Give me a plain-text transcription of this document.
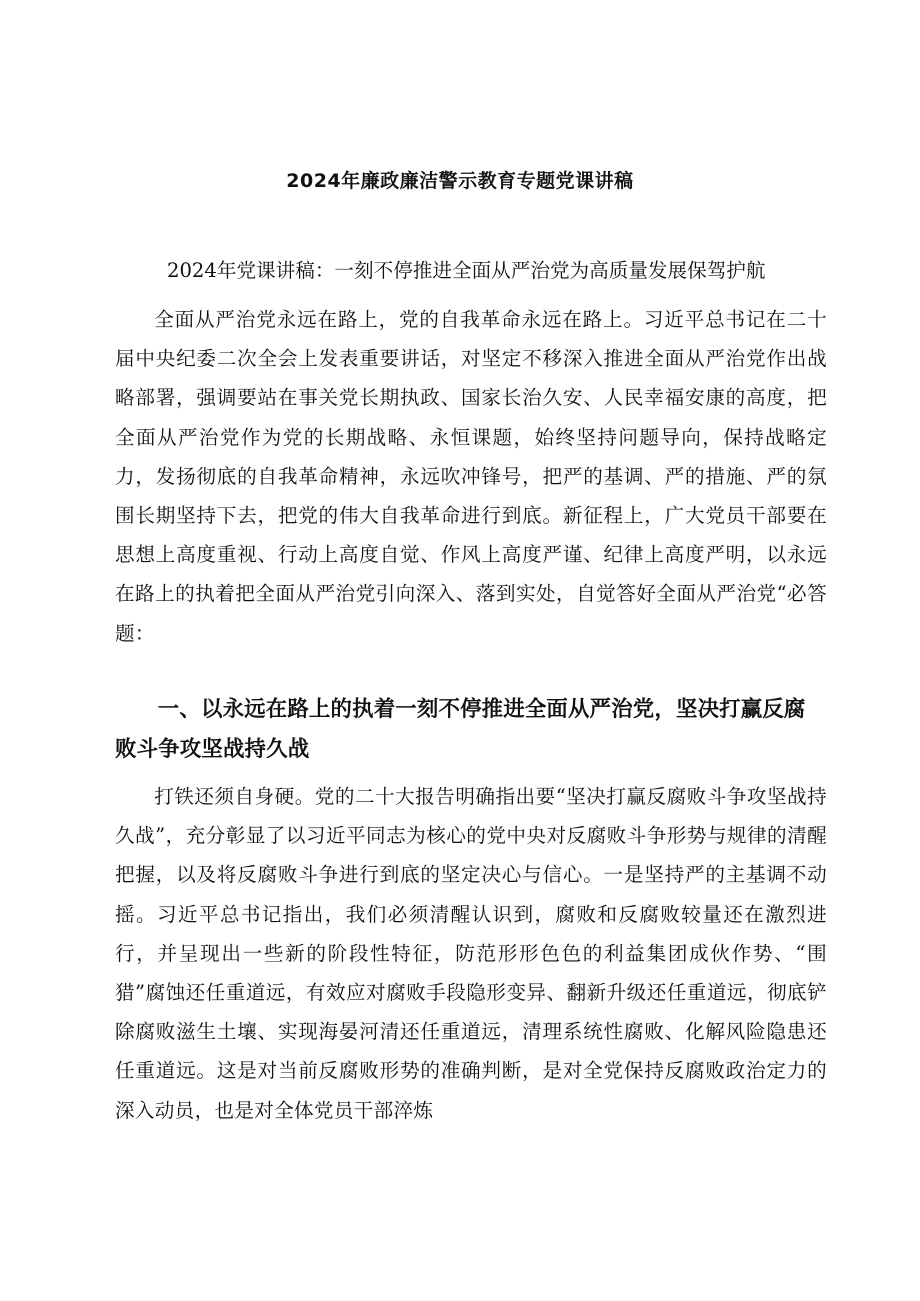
2024年廉政廉洁警示教育专题党课讲稿
2024年党课讲稿：一刻不停推进全面从严治党为高质量发展保驾护航

全面从严治党永远在路上，党的自我革命永远在路上。习近平总书记在二十届中央纪委二次全会上发表重要讲话，对坚定不移深入推进全面从严治党作出战略部署，强调要站在事关党长期执政、国家长治久安、人民幸福安康的高度，把全面从严治党作为党的长期战略、永恒课题，始终坚持问题导向，保持战略定力，发扬彻底的自我革命精神，永远吹冲锋号，把严的基调、严的措施、严的氛围长期坚持下去，把党的伟大自我革命进行到底。新征程上，广大党员干部要在思想上高度重视、行动上高度自觉、作风上高度严谨、纪律上高度严明，以永远在路上的执着把全面从严治党引向深入、落到实处，自觉答好全面从严治党“必答题：

一、以永远在路上的执着一刻不停推进全面从严治党，坚决打赢反腐败斗争攻坚战持久战

打铁还须自身硬。党的二十大报告明确指出要“坚决打赢反腐败斗争攻坚战持久战”，充分彰显了以习近平同志为核心的党中央对反腐败斗争形势与规律的清醒把握，以及将反腐败斗争进行到底的坚定决心与信心。一是坚持严的主基调不动摇。习近平总书记指出，我们必须清醒认识到，腐败和反腐败较量还在激烈进行，并呈现出一些新的阶段性特征，防范形形色色的利益集团成伙作势、“围猎”腐蚀还任重道远，有效应对腐败手段隐形变异、翻新升级还任重道远，彻底铲除腐败滋生土壤、实现海晏河清还任重道远，清理系统性腐败、化解风险隐患还任重道远。这是对当前反腐败形势的准确判断，是对全党保持反腐败政治定力的深入动员，也是对全体党员干部淬炼
